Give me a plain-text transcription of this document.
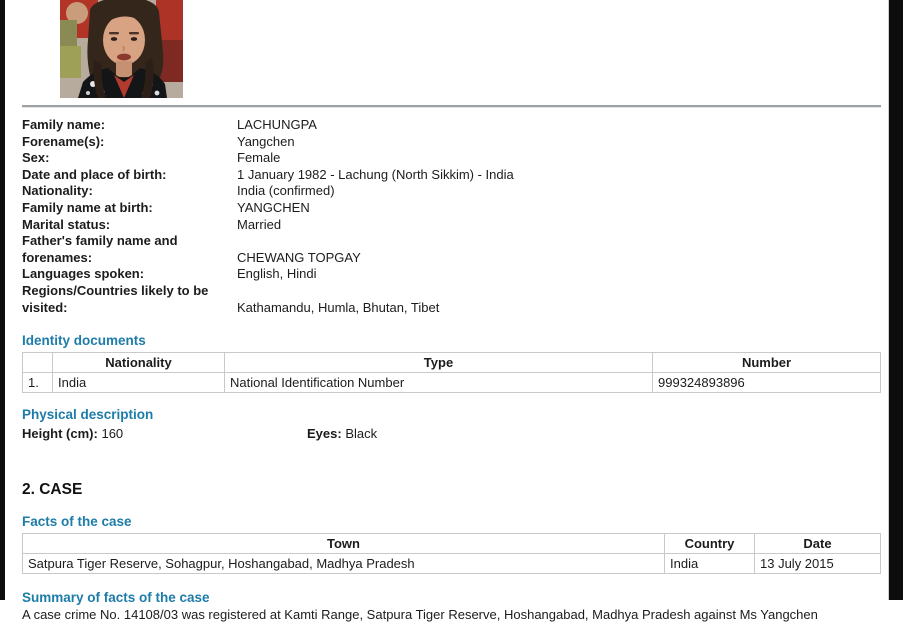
Family name:	LACHUNGPA
Forename(s):	Yangchen
Sex:	Female
Date and place of birth:	1 January 1982 - Lachung (North Sikkim) - India
Nationality:	India (confirmed)
Family name at birth:	YANGCHEN
Marital status:	Married
Father's family name and forenames:	CHEWANG TOPGAY
Languages spoken:	English, Hindi
Regions/Countries likely to be visited:	Kathamandu, Humla, Bhutan, Tibet
Identity documents
	Nationality	Type	Number
1.	India	National Identification Number	999324893896
Physical description
Height (cm): 160	Eyes: Black
2. CASE
Facts of the case
Town	Country	Date
Satpura Tiger Reserve, Sohagpur, Hoshangabad, Madhya Pradesh	India	13 July 2015
Summary of facts of the case
A case crime No. 14108/03 was registered at Kamti Range, Satpura Tiger Reserve, Hoshangabad, Madhya Pradesh against Ms Yangchen
